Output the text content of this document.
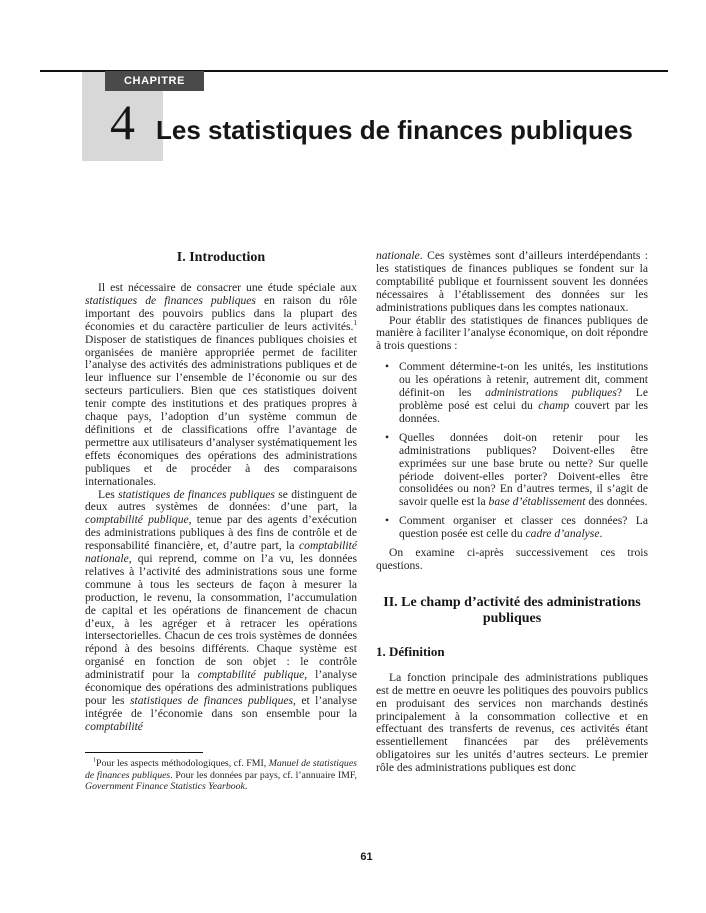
CHAPITRE
4 Les statistiques de finances publiques
I. Introduction

Il est nécessaire de consacrer une étude spéciale aux statistiques de finances publiques en raison du rôle important des pouvoirs publics dans la plupart des économies et du caractère particulier de leurs activités.$^1$ Disposer de statistiques de finances publiques choisies et organisées de manière appropriée permet de faciliter l’analyse des activités des administrations publiques et de leur influence sur l’ensemble de l’économie ou sur des secteurs particuliers. Bien que ces statistiques doivent tenir compte des institutions et des pratiques propres à chaque pays, l’adoption d’un système commun de définitions et de classifications offre l’avantage de permettre aux utilisateurs d’analyser systématiquement les effets économiques des opérations des administrations publiques et de procéder à des comparaisons internationales.

Les statistiques de finances publiques se distinguent de deux autres systèmes de données: d’une part, la comptabilité publique, tenue par des agents d’exécution des administrations publiques à des fins de contrôle et de responsabilité financière, et, d’autre part, la comptabilité nationale, qui reprend, comme on l’a vu, les données relatives à l’activité des administrations sous une forme commune à tous les secteurs de façon à mesurer la production, le revenu, la consommation, l’accumulation de capital et les opérations de financement de chacun d’eux, à les agréger et à retracer les opérations intersectorielles. Chacun de ces trois systèmes de données répond à des besoins différents. Chaque système est organisé en fonction de son objet : le contrôle administratif pour la comptabilité publique, l’analyse économique des opérations des administrations publiques pour les statistiques de finances publiques, et l’analyse intégrée de l’économie dans son ensemble pour la comptabilité

$^1$Pour les aspects méthodologiques, cf. FMI, Manuel de statistiques de finances publiques. Pour les données par pays, cf. l’annuaire IMF, Government Finance Statistics Yearbook.

nationale. Ces systèmes sont d’ailleurs interdépendants : les statistiques de finances publiques se fondent sur la comptabilité publique et fournissent souvent les données nécessaires à l’établissement des données sur les administrations publiques dans les comptes nationaux.

Pour établir des statistiques de finances publiques de manière à faciliter l’analyse économique, on doit répondre à trois questions :

• Comment détermine-t-on les unités, les institutions ou les opérations à retenir, autrement dit, comment définit-on les administrations publiques? Le problème posé est celui du champ couvert par les données.
• Quelles données doit-on retenir pour les administrations publiques? Doivent-elles être exprimées sur une base brute ou nette? Sur quelle période doivent-elles porter? Doivent-elles être consolidées ou non? En d’autres termes, il s’agit de savoir quelle est la base d’établissement des données.
• Comment organiser et classer ces données? La question posée est celle du cadre d’analyse.

On examine ci-après successivement ces trois questions.

II. Le champ d’activité des administrations publiques
1. Définition

La fonction principale des administrations publiques est de mettre en oeuvre les politiques des pouvoirs publics en produisant des services non marchands destinés principalement à la consommation collective et en effectuant des transferts de revenus, ces activités étant essentiellement financées par des prélèvements obligatoires sur les unités d’autres secteurs. Le premier rôle des administrations publiques est donc

61
